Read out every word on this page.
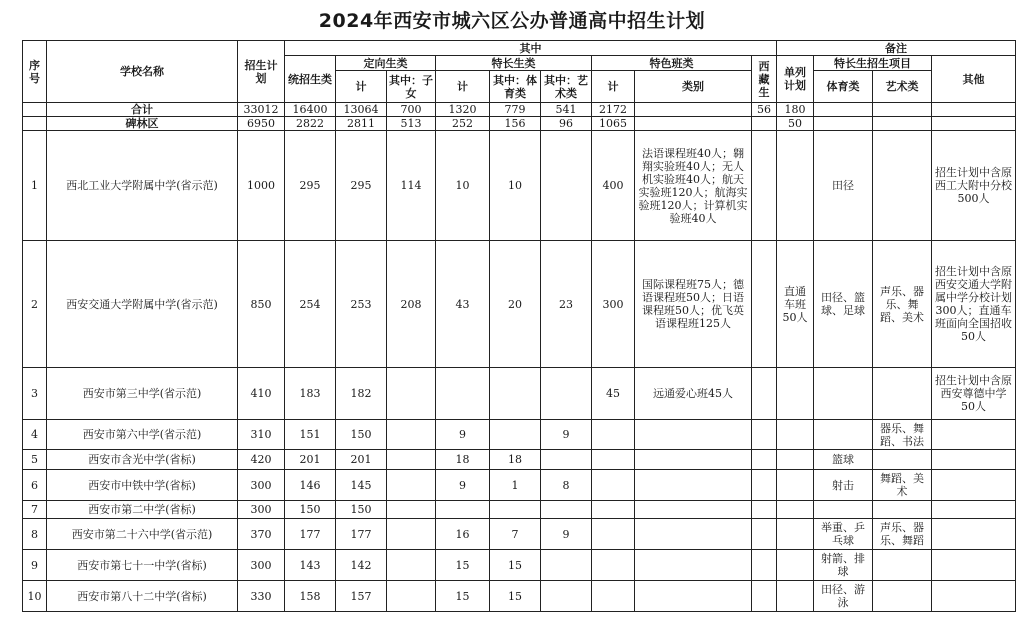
2024年西安市城六区公办普通高中招生计划
序号	学校名称	招生计划	其中									备注			
			统招生类	定向生类		特长生类			特色班类		西藏生	单列计划	特长生招生项目		其他
				计	其中：子女	计	其中：体育类	其中：艺术类	计	类别			体育类	艺术类	
	合计	33012	16400	13064	700	1320	779	541	2172		56	180			
	碑林区	6950	2822	2811	513	252	156	96	1065			50			
1	西北工业大学附属中学(省示范)	1000	295	295	114	10	10		400	法语课程班40人；翱翔实验班40人；无人机实验班40人；航天实验班120人；航海实验班120人；计算机实验班40人			田径		招生计划中含原西工大附中分校500人
2	西安交通大学附属中学(省示范)	850	254	253	208	43	20	23	300	国际课程班75人；德语课程班50人；日语课程班50人；优飞英语课程班125人		直通车班50人	田径、篮球、足球	声乐、器乐、舞蹈、美术	招生计划中含原西安交通大学附属中学分校计划300人；直通车班面向全国招收50人
3	西安市第三中学(省示范)	410	183	182					45	远通爱心班45人					招生计划中含原西安尊德中学50人
4	西安市第六中学(省示范)	310	151	150		9		9						器乐、舞蹈、书法	
5	西安市含光中学(省标)	420	201	201		18	18						篮球		
6	西安市中铁中学(省标)	300	146	145		9	1	8					射击	舞蹈、美术	
7	西安市第二中学(省标)	300	150	150											
8	西安市第二十六中学(省示范)	370	177	177		16	7	9					举重、乒乓球	声乐、器乐、舞蹈	
9	西安市第七十一中学(省标)	300	143	142		15	15						射箭、排球		
10	西安市第八十二中学(省标)	330	158	157		15	15						田径、游泳		
